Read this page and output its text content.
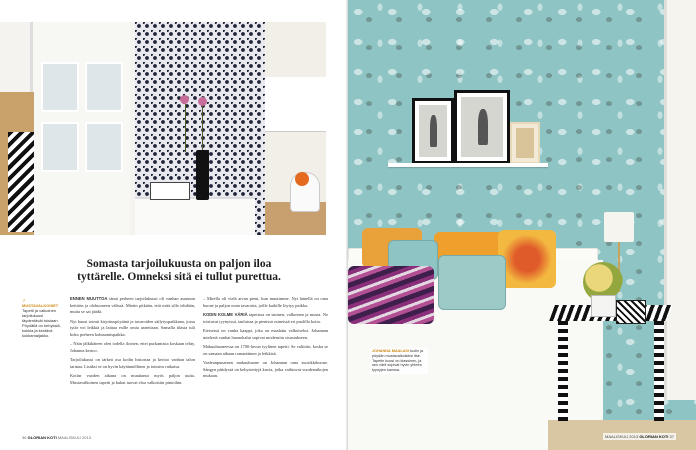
Somasta tarjoilukuusta on paljon iloa
tyttärelle. Omneksi sitä ei tullut purettua.
↗ MUSTAVALKOISET Tapetti ja valkoinen tarjoilukuusi täydentävät toisiaan. Pöydällä on kehyksiä, kukkia ja kestävä kukkamaljakko.

ENNEN MUUTTOA tämä perheen tarjoilukuusi oli vanhan asunnon keittiön ja olohuoneen välissä. Mietin pitkään, että mitä sille tehdään, mutta se sai jäädä.

Nyt kuusi toimii kirjoituspöytänä ja tavaroiden säilytyspaikkana, jossa tytär voi leikkiä ja laittaa esille omia aarteitaan. Samalla tilasta tuli koko perheen kohtaamispaikka.

– Näin jälkikäteen olen todella iloinen, ettei purkamista koskaan tehty, Johanna kertoo.

Tarjoilukuusi on tärkeä osa kodin historiaa ja kertoo vanhan talon tarinaa. Lisäksi se on hyvin käytännöllinen ja toimiva ratkaisu.

Kotiin vuoden aikana on muuttanut myös paljon uutta. Mustavalkoinen tapetti ja kukat tuovat eloa valkoisiin pintoihin.

– Mirella oli vielä aivan pieni, kun muutimme. Nyt hänellä on oma huone ja paljon omia tavaroita, joille kaikille löytyy paikka.

KODIN KOLME VÄRIÄ tapetissa on sininen, valkoinen ja musta. Ne toistuvat tyynyissä, tauluissa ja pienissä esineissä eri puolilla kotia.

Eteisessä on vanha kaappi, joka on maalattu valkoiseksi. Johannan mielestä vanhat huonekalut sopivat moderniin sisustukseen.

Makuuhuoneessa on 1700-luvun tyylinen tapetti. Se valittiin, koska se on samaan aikaan romanttinen ja leikkisä.

Vaaleanpunainen makuuhuone on Johannan oma suosikkihuone. Sängyn päädyssä on kehystettyjä kuvia, jotka vaihtuvat vuodenaikojen mukaan.

36 GLORIAN KOTI MAALISKUU 2013
JOHANNA MAALASI tuolin ja pöydän mustavalkoisiksi itse. Tapetin kuosi on klassinen, ja sen värit sopivat hyvin yhteen tyynyjen kanssa.
MAALISKUU 2013 GLORIAN KOTI 37
